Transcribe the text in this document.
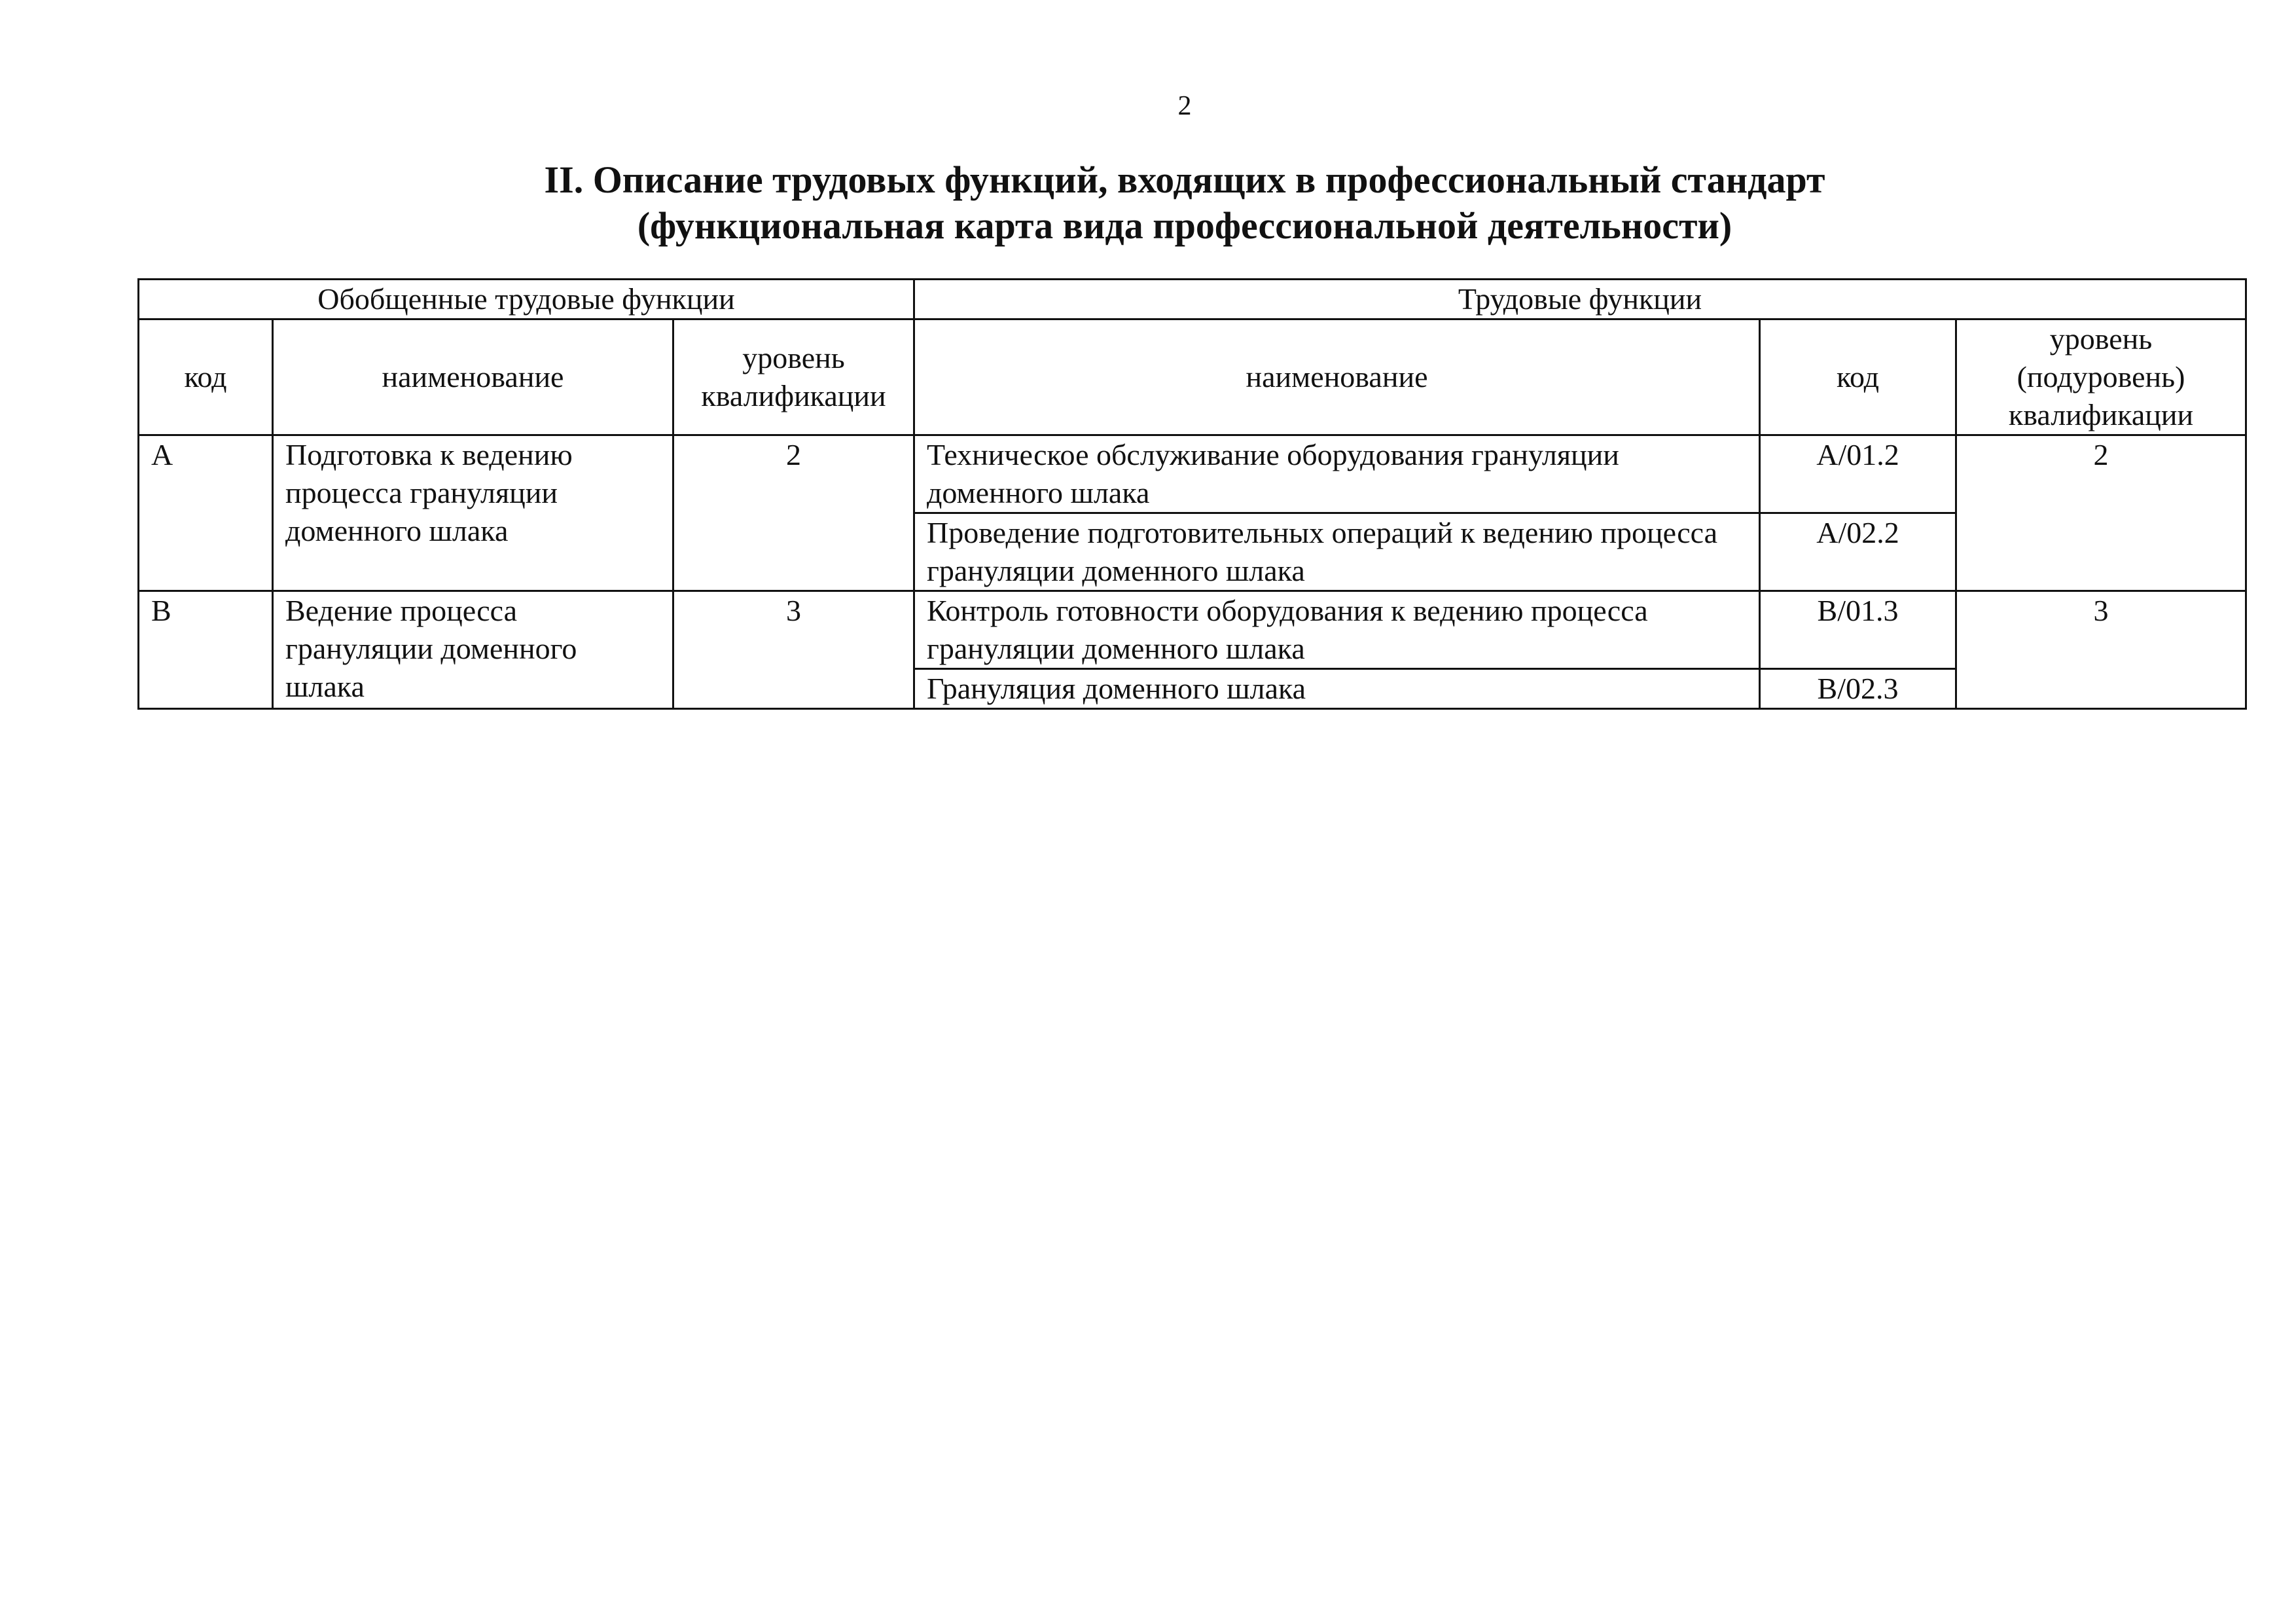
2
II. Описание трудовых функций, входящих в профессиональный стандарт
(функциональная карта вида профессиональной деятельности)
Обобщенные трудовые функции			Трудовые функции		
код	наименование	уровень квалификации	наименование	код	уровень (подуровень) квалификации
A	Подготовка к ведению процесса грануляции доменного шлака	2	Техническое обслуживание оборудования грануляции доменного шлака	A/01.2	2
			Проведение подготовительных операций к ведению процесса грануляции доменного шлака	A/02.2	
B	Ведение процесса грануляции доменного шлака	3	Контроль готовности оборудования к ведению процесса грануляции доменного шлака	B/01.3	3
			Грануляция доменного шлака	B/02.3	
